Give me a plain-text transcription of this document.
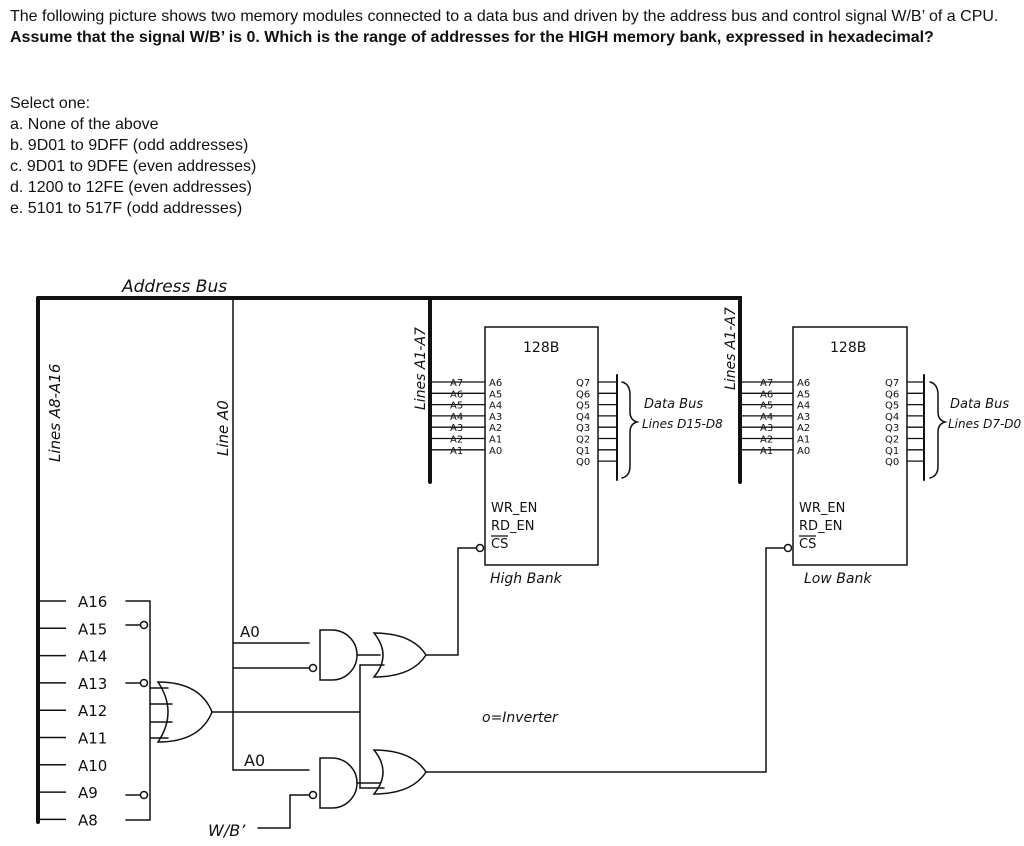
The following picture shows two memory modules connected to a data bus and driven by the address bus and control signal W/B’ of a CPU. Assume that the signal W/B’ is 0. Which is the range of addresses for the HIGH memory bank, expressed in hexadecimal?
Select one:
a. None of the above
b. 9D01 to 9DFF (odd addresses)
c. 9D01 to 9DFE (even addresses)
d. 1200 to 12FE (even addresses)
e. 5101 to 517F (odd addresses)
Address Bus
Lines A8-A16	Line A0
Lines A1-A7	Lines A1-A7
128B	128B
High Bank	Low Bank
Data Bus
Lines D15-D8
Data Bus
Lines D7-D0
A0
A0
W/B’
o=Inverter
A16
A15
A14
A13
A12
A11
A10
A9
A8
A7	A6
A6	A5
A5	A4
A4	A3
A3	A2
A2	A1
A1	A0
Q7
Q6
Q5
Q4
Q3
Q2
Q1
Q0
WR_EN
RD_EN
CS
A7 A6
A6 A5
A5 A4
A4 A3
A3 A2
A2 A1
A1 A0
Q7
Q6
Q5
Q4
Q3
Q2
Q1
Q0
WR_EN
RD_EN
CS
